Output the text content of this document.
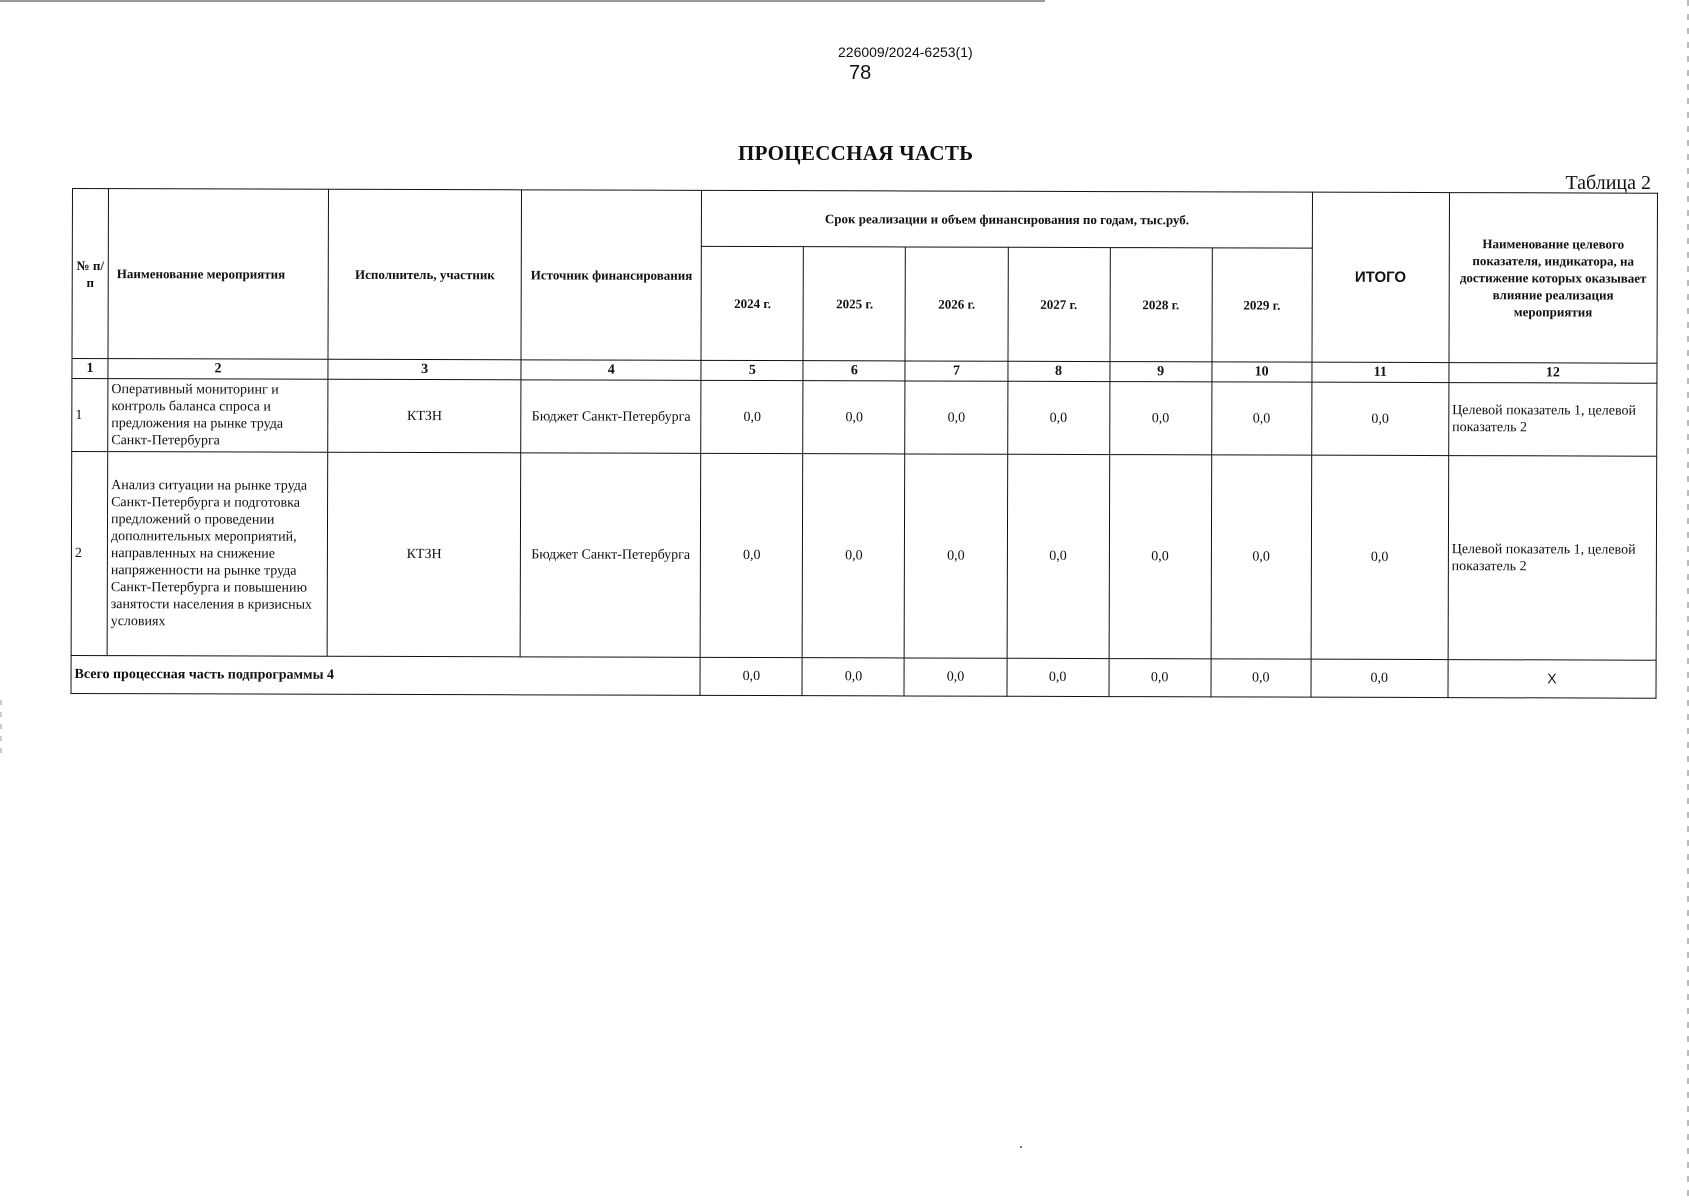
226009/2024-6253(1)
78
ПРОЦЕССНАЯ ЧАСТЬ
Таблица 2
№ п/п	Наименование мероприятия	Исполнитель, участник	Источник финансирования	Срок реализации и объем финансирования по годам, тыс.руб.						ИТОГО	Наименование целевого показателя, индикатора, на достижение которых оказывает влияние реализация мероприятия
				2024 г.	2025 г.	2026 г.	2027 г.	2028 г.	2029 г.		
1	2	3	4	5	6	7	8	9	10	11	12
1	Оперативный мониторинг и контроль баланса спроса и предложения на рынке труда Санкт-Петербурга	КТЗН	Бюджет Санкт-Петербурга	0,0	0,0	0,0	0,0	0,0	0,0	0,0	Целевой показатель 1, целевой показатель 2
2	Анализ ситуации на рынке труда Санкт-Петербурга и подготовка предложений о проведении дополнительных мероприятий, направленных на снижение напряженности на рынке труда Санкт-Петербурга и повышению занятости населения в кризисных условиях	КТЗН	Бюджет Санкт-Петербурга	0,0	0,0	0,0	0,0	0,0	0,0	0,0	Целевой показатель 1, целевой показатель 2
Всего процессная часть подпрограммы 4				0,0	0,0	0,0	0,0	0,0	0,0	0,0	X
